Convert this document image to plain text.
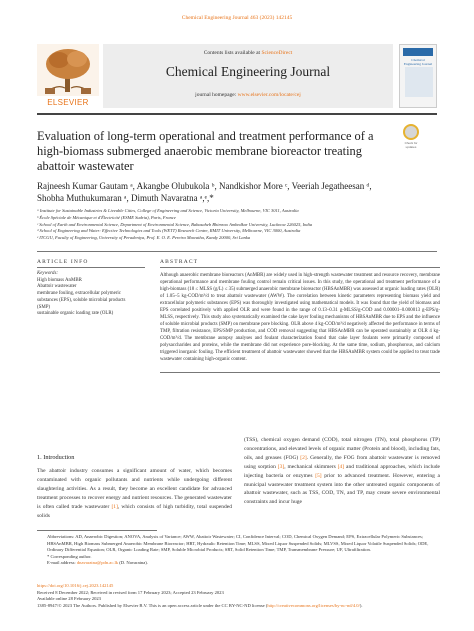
Chemical Engineering Journal 463 (2023) 142145
ELSEVIER
Contents lists available at ScienceDirect
Chemical Engineering Journal
journal homepage: www.elsevier.com/locate/cej
Chemical Engineering Journal
Evaluation of long-term operational and treatment performance of a high-biomass submerged anaerobic membrane bioreactor treating abattoir wastewater
Check for updates
Rajneesh Kumar Gautam ᵃ, Akangbe Olubukola ᵇ, Nandkishor More ᶜ, Veeriah Jegatheesan ᵈ,
Shobha Muthukumaran ᵃ, Dimuth Navaratna ᵃ,ᵉ,*
ᵃ Institute for Sustainable Industries & Liveable Cities, College of Engineering and Science, Victoria University, Melbourne, VIC 3011, Australia
ᵇ École Spéciale de Mécanique et d'Électricité (ESME Sudria), Paris, France
ᶜ School of Earth and Environmental Science, Department of Environmental Science, Babasaheb Bhimrao Ambedkar University, Lucknow 226025, India
ᵈ School of Engineering and Water: Effective Technologies and Tools (WETT) Research Centre, RMIT University, Melbourne, VIC 3000, Australia
ᵉ ITCGU, Faculty of Engineering, University of Peradeniya, Prof. E. O. E. Pereira Mawatha, Kandy 20000, Sri Lanka
ARTICLE INFO	ABSTRACT
Keywords:
High biomass AnMBR
Abattoir wastewater
membrane fouling, extracellular polymeric
substances (EPS), soluble microbial products
(SMP)
sustainable organic loading rate (OLR)
Although anaerobic membrane bioreactors (AnMBR) are widely used in high-strength wastewater treatment and resource recovery, membrane operational performance and membrane fouling control remain critical issues. In this study, the operational and treatment performance of a high-biomass (18 ≤ MLSS (g/L) ≤ 35) submerged anaerobic membrane bioreactor (HBSAnMBR) was assessed at organic loading rates (OLR) of 1.05–5 kg-COD/m³/d to treat abattoir wastewater (AWW). The correlation between kinetic parameters representing biomass yield and extracellular polymeric substances (EPS) was thoroughly investigated using mathematical models. It was found that the yield of biomass and EPS correlated positively with applied OLR and were found in the range of 0.13–0.31 g-MLSS/g-COD and 0.00001–0.000013 g-EPS/g-MLSS, respectively. This study also systematically examined the cake layer fouling mechanisms of HBSAnMBR due to EPS and the influence of soluble microbial products (SMP) on membrane pore blocking. OLR above 4 kg-COD/m³/d negatively affected the performance in terms of TMP, filtration resistance, EPS/SMP production, and COD removal suggesting that HBSAnMBR can be operated sustainably at OLR 4 kg-COD/m³/d. The membrane autopsy analyses and foulant characterization found that cake layer foulants were primarily composed of polysaccharides and proteins, while the membrane did not experience pore-blocking. At the same time, sodium, phosphorous, and calcium triggered inorganic fouling. The efficient treatment of abattoir wastewater showed that the HBSAnMBR system could be applied to treat trade wastewater containing high-organic content.
1. Introduction
The abattoir industry consumes a significant amount of water, which becomes contaminated with organic pollutants and nutrients while undergoing different slaughtering activities. As a result, they become an excellent candidate for advanced treatment processes to recover energy and nutrient resources. The generated wastewater is often called trade wastewater [1], which consists of high turbidity, total suspended solids
(TSS), chemical oxygen demand (COD), total nitrogen (TN), total phosphorus (TP) concentrations, and elevated levels of organic matter (Protein and blood), including fats, oils, and greases (FOG) [2]. Generally, the FOG from abattoir wastewater is removed using sorption [3], mechanical skimmers [4] and traditional approaches, which include injecting bacteria or enzymes [5] prior to advanced treatment. However, entering a municipal wastewater treatment system into the other untreated organic components of abattoir wastewater, such as TSS, COD, TN, and TP, may create severe environmental constraints and incur huge
Abbreviations: AD, Anaerobic Digestion; ANOVA, Analysis of Variance; AWW, Abattoir Wastewater; CI, Confidence Interval; COD, Chemical Oxygen Demand; EPS, Extracellular Polymeric Substances; HBSAnMBR, High Biomass Submerged Anaerobic Membrane Bioreactor; HRT, Hydraulic Retention Time; MLSS, Mixed Liquor Suspended Solids; MLVSS, Mixed Liquor Volatile Suspended Solids; ODE, Ordinary Differential Equation; OLR, Organic Loading Rate; SMP, Soluble Microbial Products; SRT, Solid Retention Time; TMP, Transmembrane Pressure; UF, Ultrafiltration.
* Corresponding author.
E-mail address: dnavaratna@pdn.ac.lk (D. Navaratna).
https://doi.org/10.1016/j.cej.2023.142145
Received 8 December 2022; Received in revised form 17 February 2023; Accepted 23 February 2023
Available online 28 February 2023
1385-8947/© 2023 The Authors. Published by Elsevier B.V. This is an open access article under the CC BY-NC-ND license (http://creativecommons.org/licenses/by-nc-nd/4.0/).
